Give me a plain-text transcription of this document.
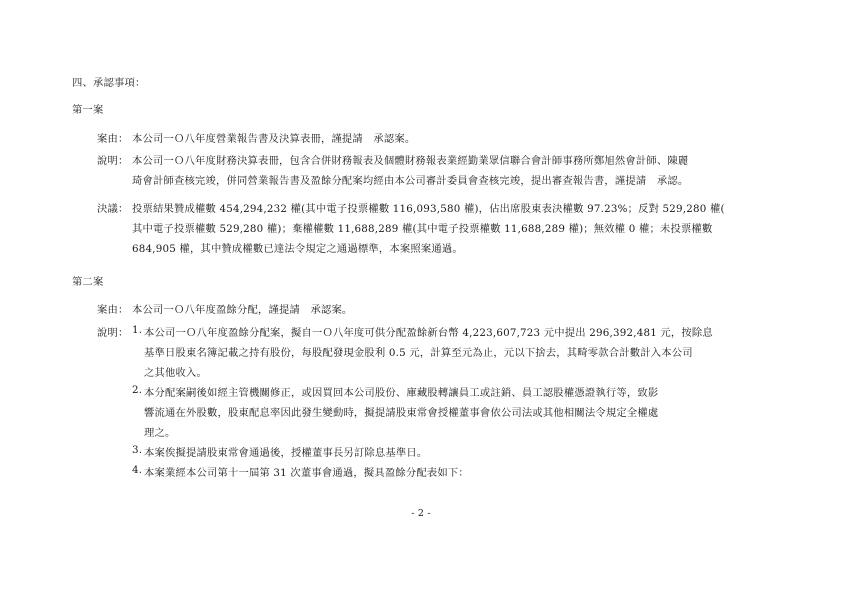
四、承認事項：
第一案
案由： 本公司一Ｏ八年度營業報告書及決算表冊，謹提請　承認案。
說明： 本公司一Ｏ八年度財務決算表冊，包含合併財務報表及個體財務報表業經勤業眾信聯合會計師事務所鄭旭然會計師、陳麗
琦會計師查核完竣，併同營業報告書及盈餘分配案均經由本公司審計委員會查核完竣，提出審查報告書，謹提請　承認。
決議： 投票結果贊成權數 454,294,232 權(其中電子投票權數 116,093,580 權)，佔出席股東表決權數 97.23%；反對 529,280 權(
其中電子投票權數 529,280 權)；棄權權數 11,688,289 權(其中電子投票權數 11,688,289 權)；無效權 0 權；未投票權數
684,905 權，其中贊成權數已達法令規定之通過標準，本案照案通過。
第二案
案由： 本公司一Ｏ八年度盈餘分配，謹提請　承認案。
說明： 1. 本公司一Ｏ八年度盈餘分配案，擬自一Ｏ八年度可供分配盈餘新台幣 4,223,607,723 元中提出 296,392,481 元，按除息
基準日股東名簿記載之持有股份，每股配發現金股利 0.5 元，計算至元為止，元以下捨去，其畸零款合計數計入本公司
之其他收入。
2. 本分配案嗣後如經主管機關修正，或因買回本公司股份、庫藏股轉讓員工或註銷、員工認股權憑證執行等，致影
響流通在外股數，股東配息率因此發生變動時，擬提請股東常會授權董事會依公司法或其他相關法令規定全權處
理之。
3. 本案俟擬提請股東常會通過後，授權董事長另訂除息基準日。
4. 本案業經本公司第十一屆第 31 次董事會通過，擬具盈餘分配表如下：
- 2 -
